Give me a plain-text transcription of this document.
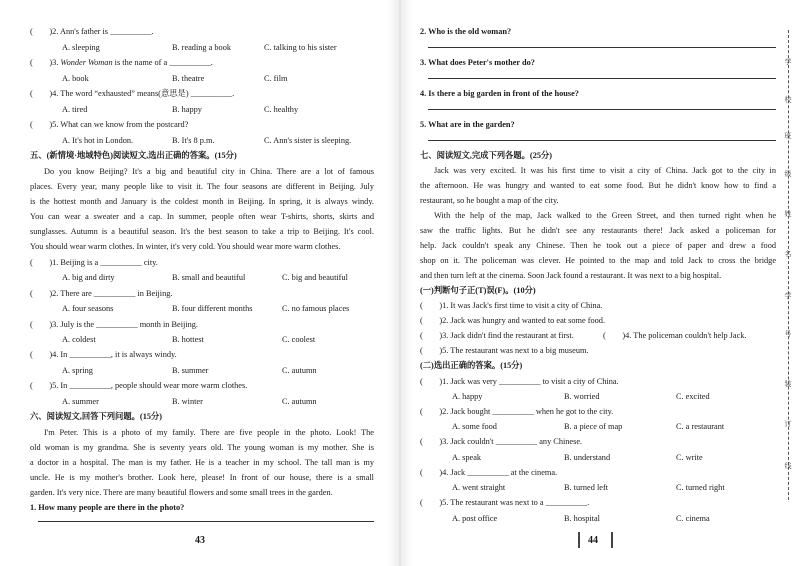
(　　)2. Ann's father is __________.
A. sleeping	B. reading a book	C. talking to his sister
(　　)3. Wonder Woman is the name of a __________.
A. book	B. theatre	C. film
(　　)4. The word “exhausted” means(意思是) __________.
A. tired	B. happy	C. healthy
(　　)5. What can we know from the postcard?
A. It's hot in London.	B. It's 8 p.m.	C. Ann's sister is sleeping.
五、(新情境·地域特色)阅读短文,选出正确的答案。(15分)
Do you know Beijing? It's a big and beautiful city in China. There are a lot of famous
places. Every year, many people like to visit it. The four seasons are different in Beijing. July
is the hottest month and January is the coldest month in Beijing. In spring, it is always windy.
You can wear a sweater and a cap. In summer, people often wear T-shirts, shorts, skirts and
sunglasses. Autumn is a beautiful season. It's the best season to take a trip to Beijing. It's cool.
You should wear warm clothes. In winter, it's very cold. You should wear more warm clothes.
(　　)1. Beijing is a __________ city.
A. big and dirty	B. small and beautiful	C. big and beautiful
(　　)2. There are __________ in Beijing.
A. four seasons	B. four different months	C. no famous places
(　　)3. July is the __________ month in Beijing.
A. coldest	B. hottest	C. coolest
(　　)4. In __________, it is always windy.
A. spring	B. summer	C. autumn
(　　)5. In __________, people should wear more warm clothes.
A. summer	B. winter	C. autumn
六、阅读短文,回答下列问题。(15分)
I'm Peter. This is a photo of my family. There are five people in the photo. Look! The
old woman is my grandma. She is seventy years old. The young woman is my mother. She is
a doctor in a hospital. The man is my father. He is a teacher in my school. The tall man is my
uncle. He is my mother's brother. Look here, please! In front of our house, there is a small
garden. It's very nice. There are many beautiful flowers and some small trees in the garden.
1. How many people are there in the photo?
43
2. Who is the old woman?
3. What does Peter's mother do?
4. Is there a big garden in front of the house?
5. What are in the garden?
七、阅读短文,完成下列各题。(25分)
Jack was very excited. It was his first time to visit a city of China. Jack got to the city in
the afternoon. He was hungry and wanted to eat some food. But he didn't know how to find a
restaurant, so he bought a map of the city.
With the help of the map, Jack walked to the Green Street, and then turned right when he
saw the traffic lights. But he didn't see any restaurants there! Jack asked a policeman for
help. Jack couldn't speak any Chinese. Then he took out a piece of paper and drew a food
shop on it. The policeman was clever. He pointed to the map and told Jack to cross the bridge
and then turn left at the cinema. Soon Jack found a restaurant. It was next to a big hospital.
(一)判断句子正(T)误(F)。(10分)
(　　)1. It was Jack's first time to visit a city of China.
(　　)2. Jack was hungry and wanted to eat some food.
(　　)3. Jack didn't find the restaurant at first.	(　　)4. The policeman couldn't help Jack.
(　　)5. The restaurant was next to a big museum.
(二)选出正确的答案。(15分)
(　　)1. Jack was very __________ to visit a city of China.
A. happy	B. worried	C. excited
(　　)2. Jack bought __________ when he got to the city.
A. some food	B. a piece of map	C. a restaurant
(　　)3. Jack couldn't __________ any Chinese.
A. speak	B. understand	C. write
(　　)4. Jack __________ at the cinema.
A. went straight	B. turned left	C. turned right
(　　)5. The restaurant was next to a __________.
A. post office	B. hospital	C. cinema
44
学
校
班
级
姓
名
学
号
装
订
线
